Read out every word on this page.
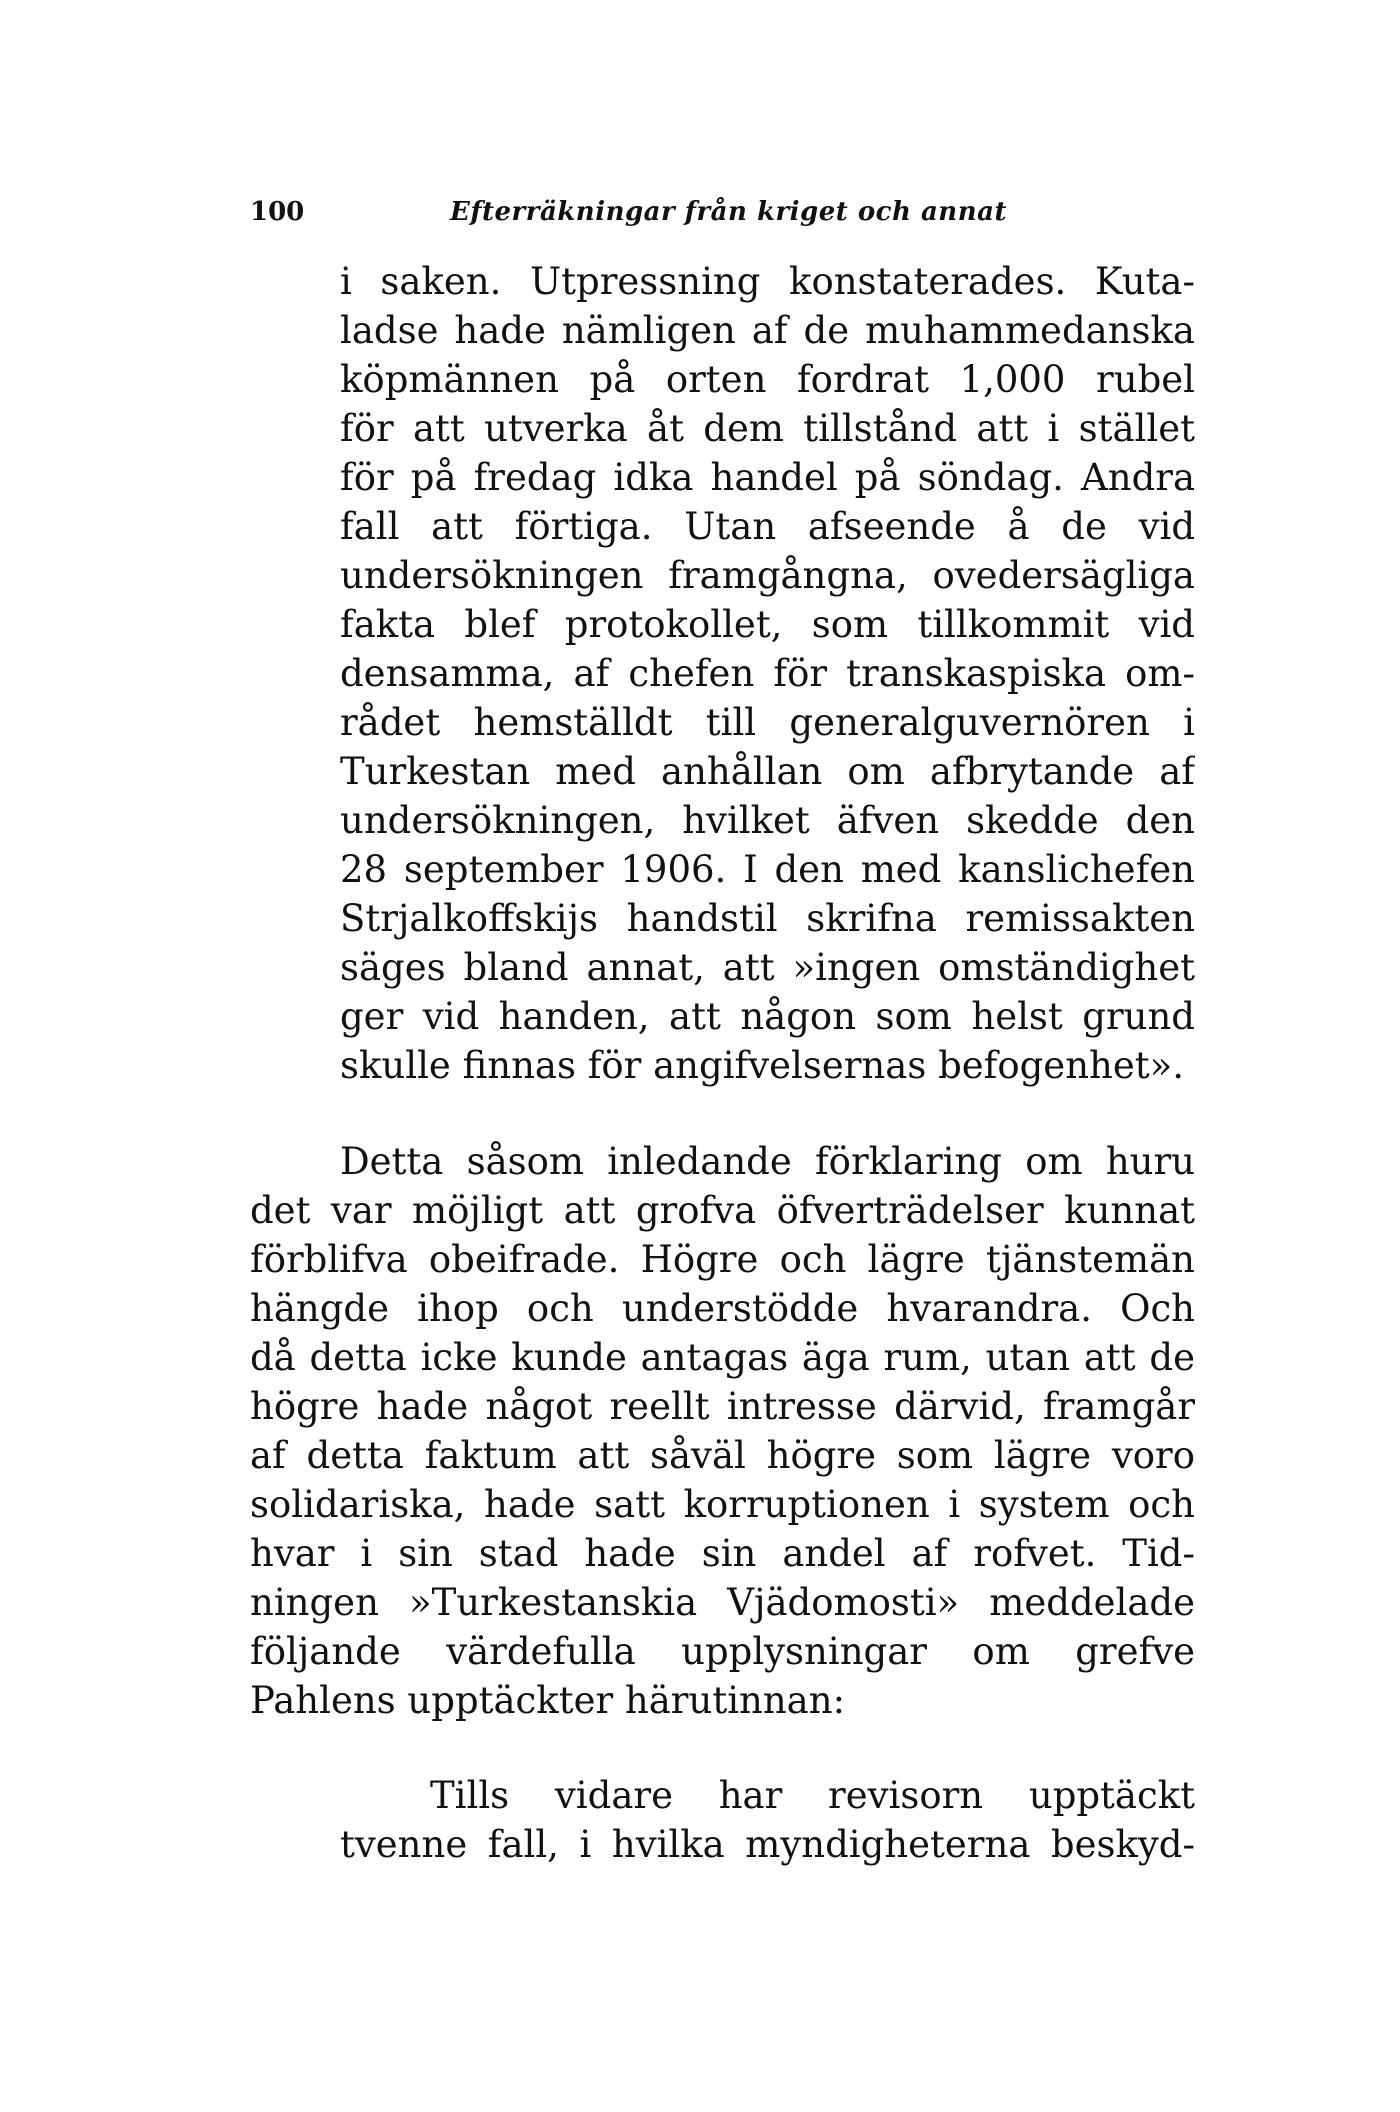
100	Efterräkningar från kriget och annat
i saken. Utpressning konstaterades. Kuta-
ladse hade nämligen af de muhammedanska
köpmännen på orten fordrat 1,000 rubel
för att utverka åt dem tillstånd att i stället
för på fredag idka handel på söndag. Andra
fall att förtiga. Utan afseende å de vid
undersökningen framgångna, ovedersägliga
fakta blef protokollet, som tillkommit vid
densamma, af chefen för transkaspiska om-
rådet hemställdt till generalguvernören i
Turkestan med anhållan om afbrytande af
undersökningen, hvilket äfven skedde den
28 september 1906. I den med kanslichefen
Strjalkoffskijs handstil skrifna remissakten
säges bland annat, att »ingen omständighet
ger vid handen, att någon som helst grund
skulle finnas för angifvelsernas befogenhet».
Detta såsom inledande förklaring om huru
det var möjligt att grofva öfverträdelser kunnat
förblifva obeifrade. Högre och lägre tjänstemän
hängde ihop och understödde hvarandra. Och
då detta icke kunde antagas äga rum, utan att de
högre hade något reellt intresse därvid, framgår
af detta faktum att såväl högre som lägre voro
solidariska, hade satt korruptionen i system och
hvar i sin stad hade sin andel af rofvet. Tid-
ningen »Turkestanskia Vjädomosti» meddelade
följande värdefulla upplysningar om grefve
Pahlens upptäckter härutinnan:
Tills vidare har revisorn upptäckt
tvenne fall, i hvilka myndigheterna beskyd-
